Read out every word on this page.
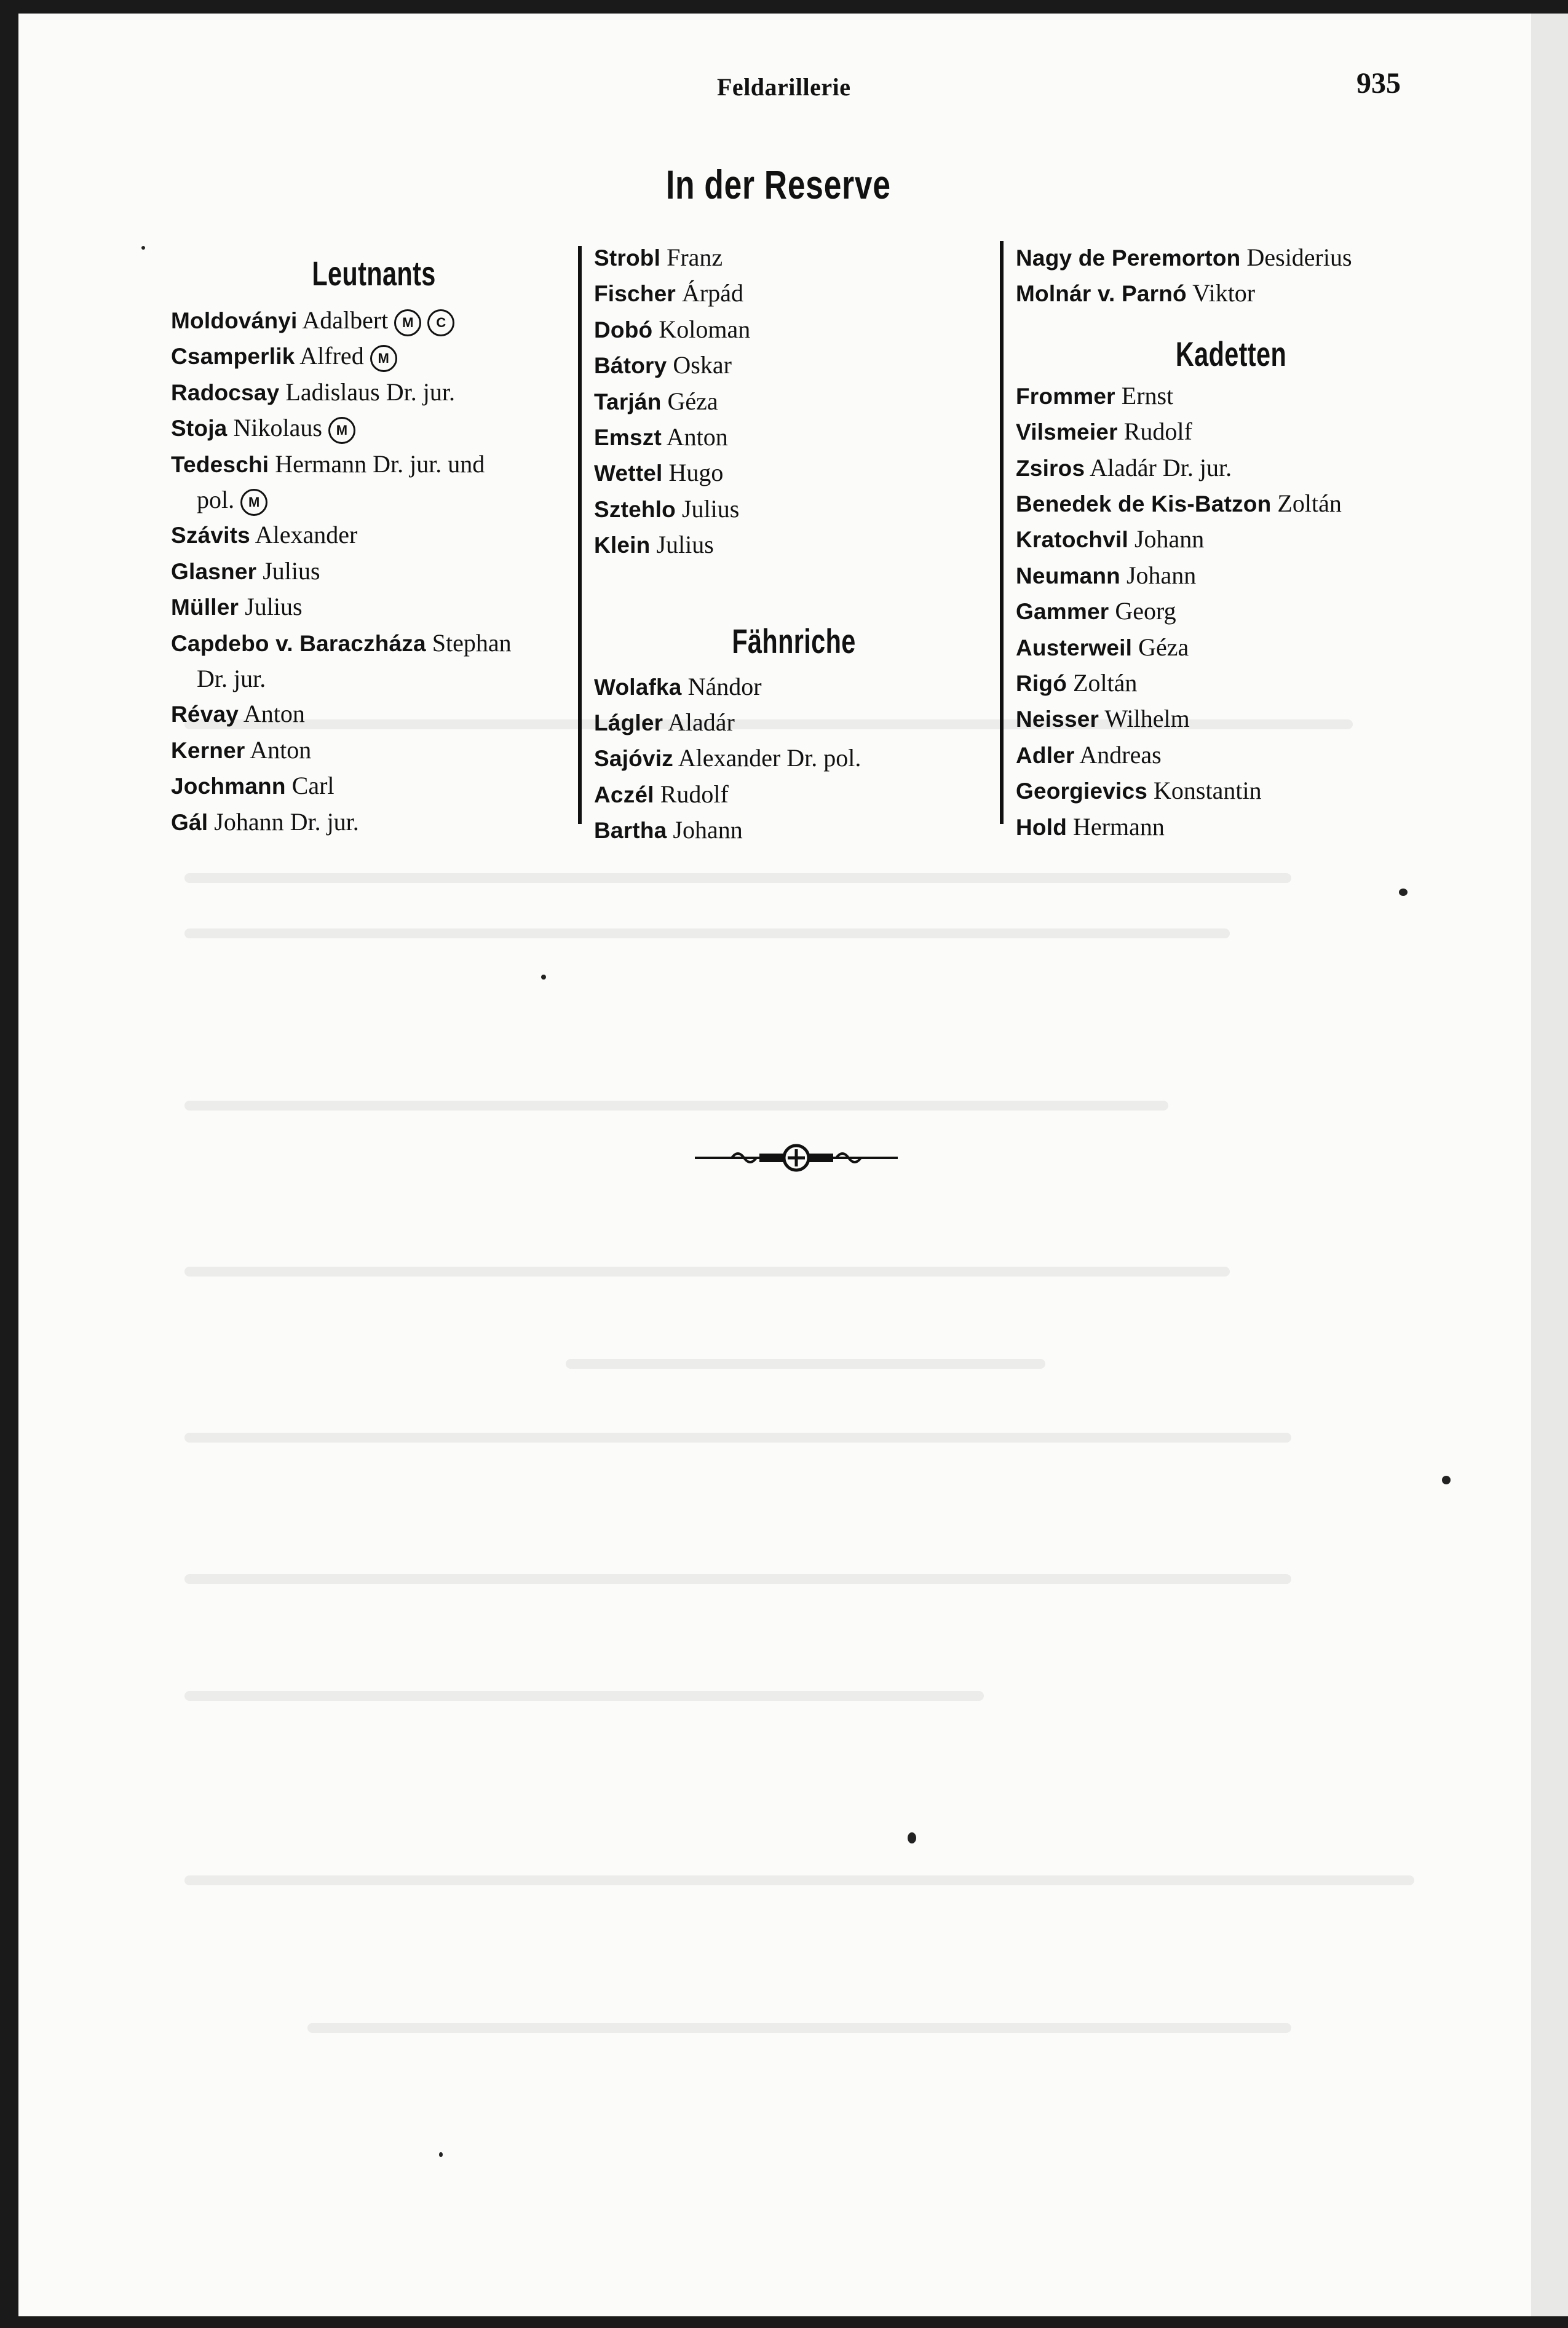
Feldarillerie	935
In der Reserve
Leutnants
Moldoványi Adalbert M C
Csamperlik Alfred M
Radocsay Ladislaus Dr. jur.
Stoja Nikolaus M
Tedeschi Hermann Dr. jur. und
pol. M
Szávits Alexander
Glasner Julius
Müller Julius
Capdebo v. Baraczháza Stephan
Dr. jur.
Révay Anton
Kerner Anton
Jochmann Carl
Gál Johann Dr. jur.
Strobl Franz
Fischer Árpád
Dobó Koloman
Bátory Oskar
Tarján Géza
Emszt Anton
Wettel Hugo
Sztehlo Julius
Klein Julius
Fähnriche
Wolafka Nándor
Lágler Aladár
Sajóviz Alexander Dr. pol.
Aczél Rudolf
Bartha Johann
Nagy de Peremorton Desiderius
Molnár v. Parnó Viktor
Kadetten
Frommer Ernst
Vilsmeier Rudolf
Zsiros Aladár Dr. jur.
Benedek de Kis-Batzon Zoltán
Kratochvil Johann
Neumann Johann
Gammer Georg
Austerweil Géza
Rigó Zoltán
Neisser Wilhelm
Adler Andreas
Georgievics Konstantin
Hold Hermann
